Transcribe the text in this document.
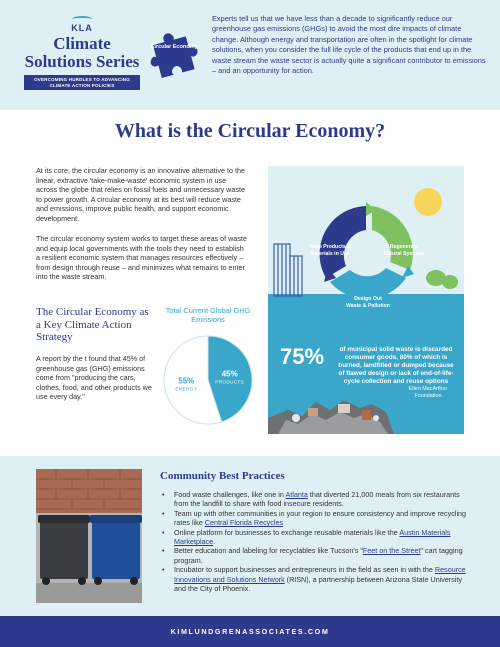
KLA
Climate Solutions Series
OVERCOMING HURDLES TO ADVANCING CLIMATE ACTION POLICIES
Circular Economy
Experts tell us that we have less than a decade to significantly reduce our greenhouse gas emissions (GHGs) to avoid the most dire impacts of climate change. Although energy and transportation are often in the spotlight for climate solutions, when you consider the full life cycle of the products that end up in the waste stream the waste sector is actually quite a significant contributor to emissions – and an opportunity for action.
What is the Circular Economy?
At its core, the circular economy is an innovative alternative to the linear, extractive 'take-make-waste' economic system in use across the globe that relies on fossil fuels and unnecessary waste to power growth. A circular economy at its best will reduce waste and emissions, improve public health, and support economic development.
The circular economy system works to target these areas of waste and equip local governments with the tools they need to establish a resilient economic system that manages resources effectively – from design through reuse – and minimizes what remains to enter into the waste stream.
The Circular Economy as a Key Climate Action Strategy
A report by the t found that 45% of greenhouse gas (GHG) emissions come from "producing the cars, clothes, food, and other products we use every day."
Total Current Global GHG Emissions
45%
PRODUCTS
55%
ENERGY
Keep Products & Materials in Use
Regenerate Natural Systems
Design Out Waste & Pollution
75%	of municipal solid waste is discarded consumer goods, 80% of which is burned, landfilled or dumped because of flawed design or lack of end-of-life-cycle collection and reuse options
Ellen MacArthur Foundation
Community Best Practices
• Food waste challenges, like one in Atlanta that diverted 21,000 meals from six restaurants from the landfill to share with food insecure residents.
• Team up with other communities in your region to ensure consistency and improve recycling rates like Central Florida Recycles
• Online platform for businesses to exchange reusable materials like the Austin Materials Marketplace.
• Better education and labeling for recyclables like Tucson's "Feet on the Street" cart tagging program.
• Incubator to support businesses and entrepreneurs in the field as seen in with the Resource Innovations and Solutions Network (RISN), a partnership between Arizona State University and the City of Phoenix.
KIMLUNDGRENASSOCIATES.COM
